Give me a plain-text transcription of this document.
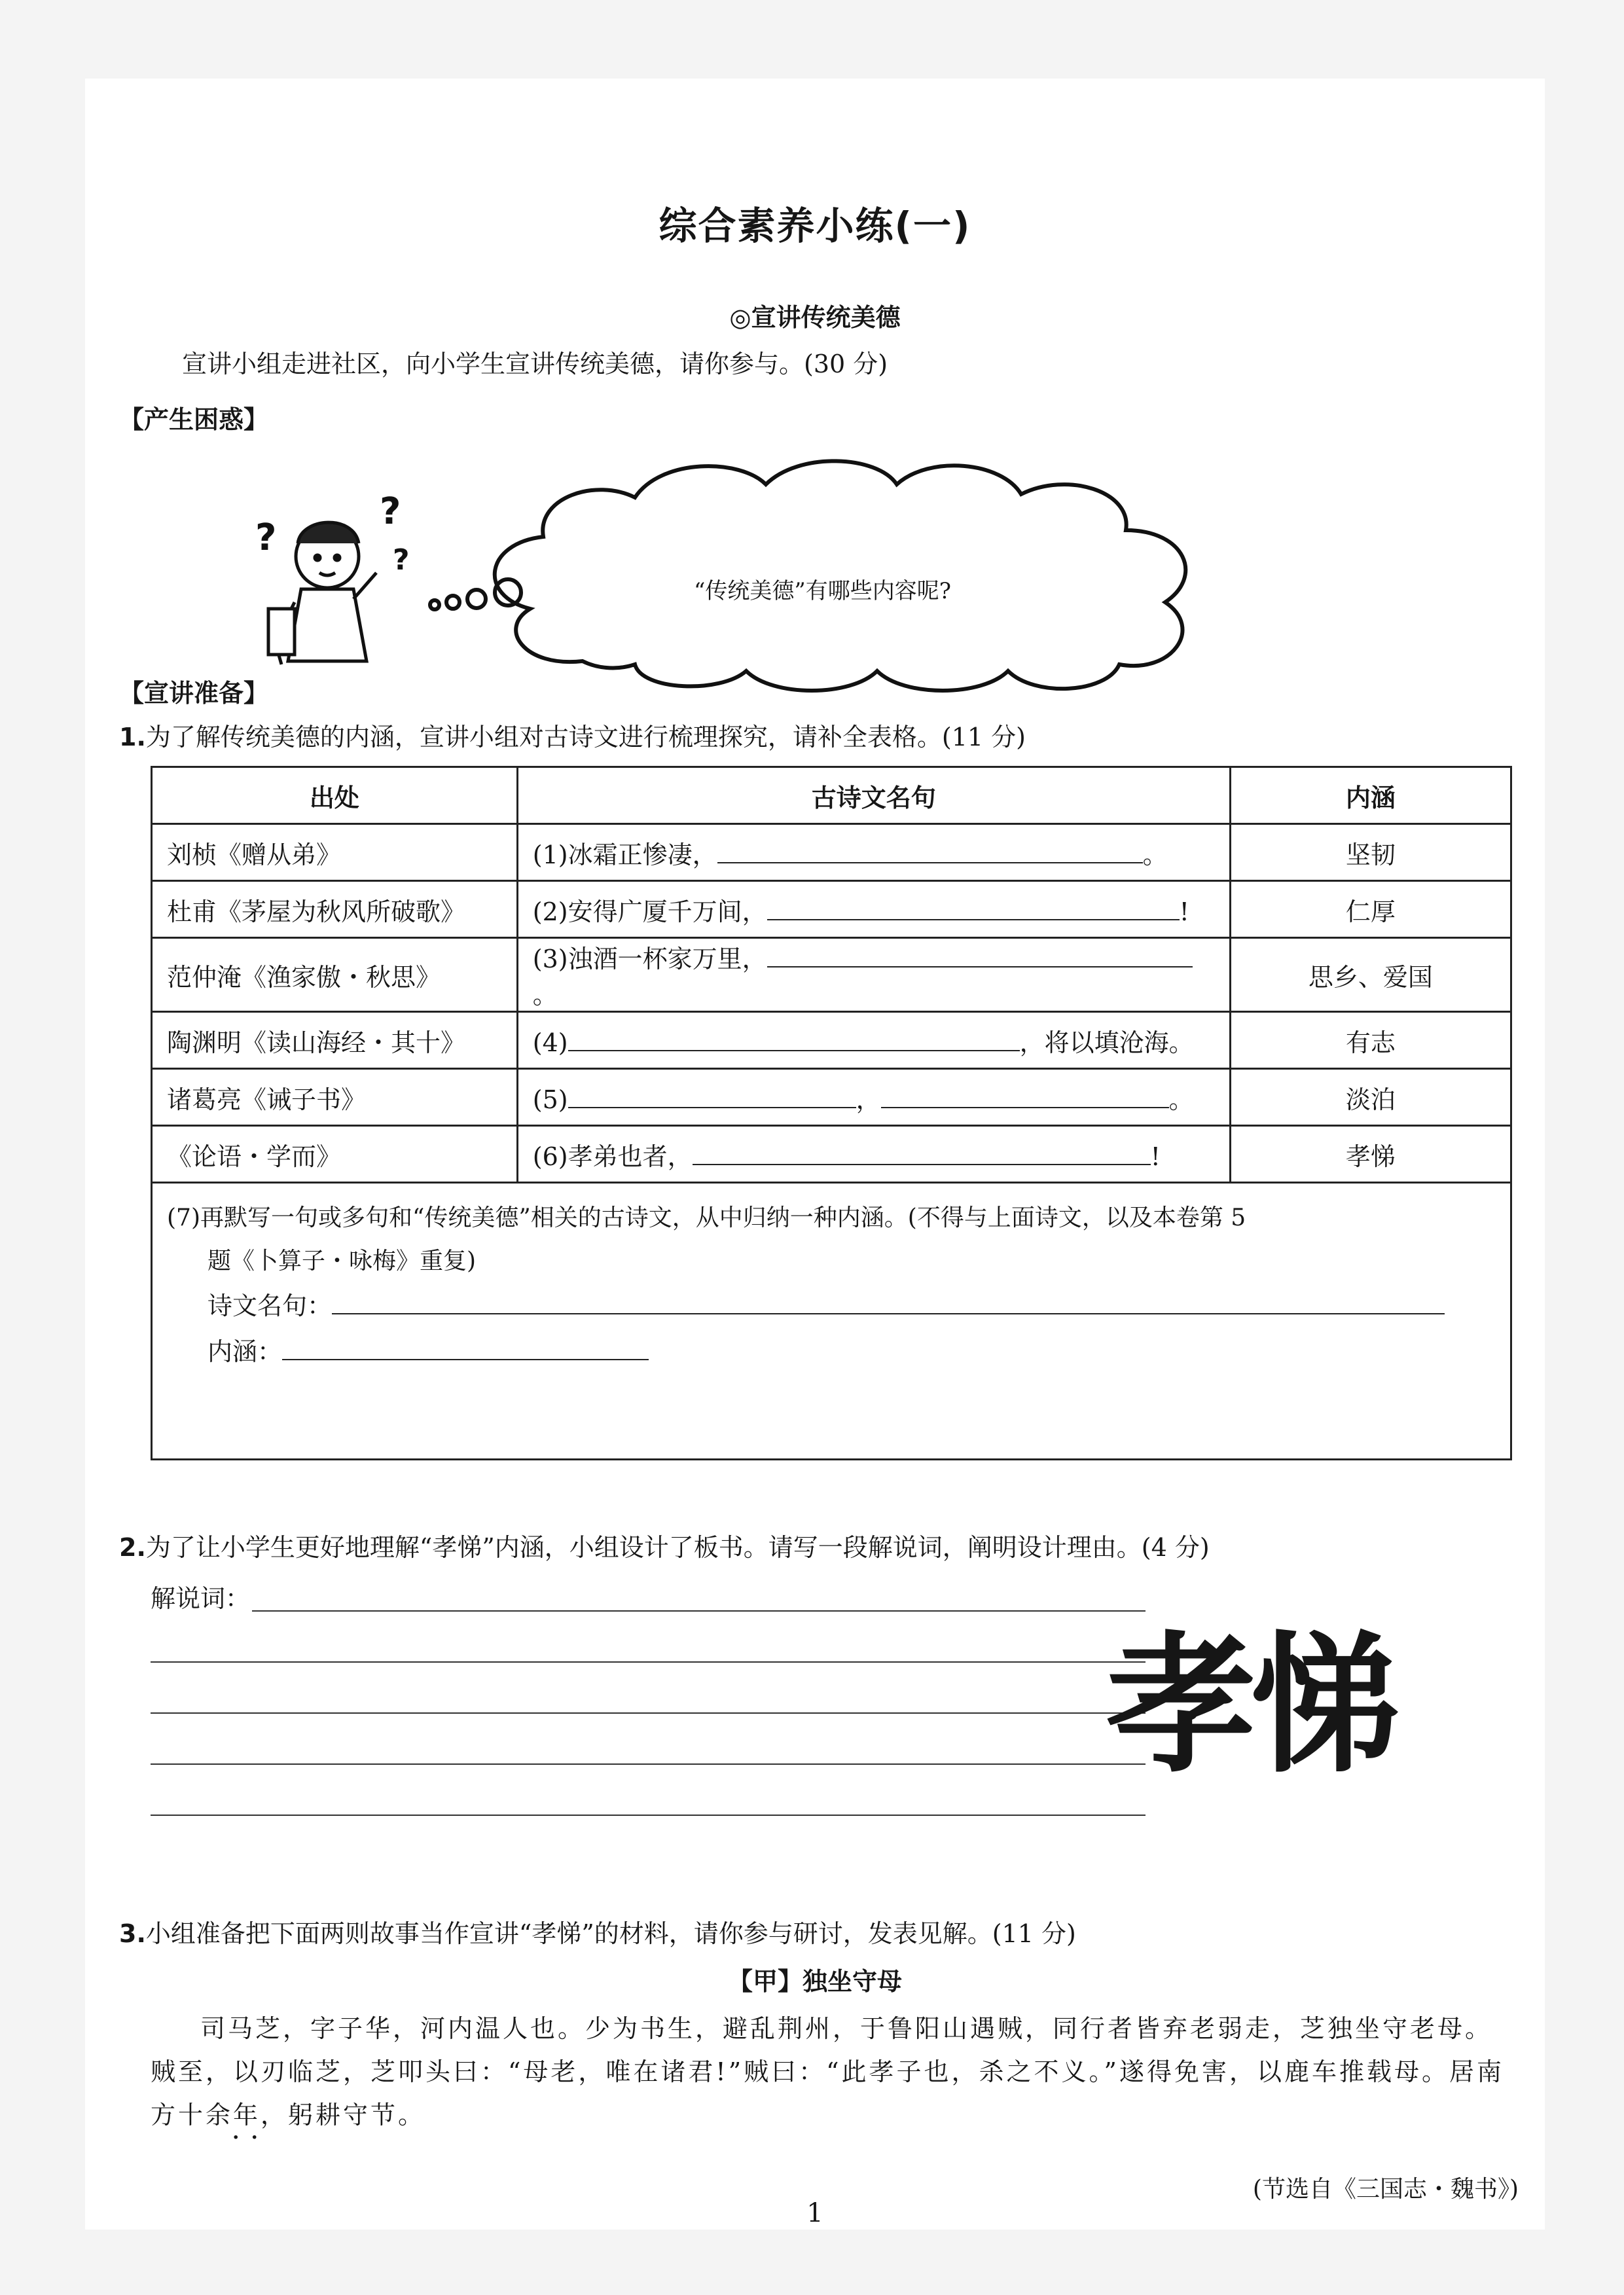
综合素养小练(一)
◎宣讲传统美德
宣讲小组走进社区，向小学生宣讲传统美德，请你参与。(30 分)
【产生困惑】
?
?
?
“传统美德”有哪些内容呢?
【宣讲准备】
1.为了解传统美德的内涵，宣讲小组对古诗文进行梳理探究，请补全表格。(11 分)
出处	古诗文名句	内涵
刘桢《赠从弟》	(1)冰霜正惨凄， 。	坚韧
杜甫《茅屋为秋风所破歌》	(2)安得广厦千万间， !	仁厚
范仲淹《渔家傲・秋思》	(3)浊酒一杯家万里，。	思乡、爱国
陶渊明《读山海经・其十》	(4) ，将以填沧海。	有志
诸葛亮《诫子书》	(5) ， 。	淡泊
《论语・学而》	(6)孝弟也者， !	孝悌

(7)再默写一句或多句和“传统美德”相关的古诗文，从中归纳一种内涵。(不得与上面诗文，以及本卷第 5
题《卜算子・咏梅》重复)
诗文名句：
内涵：		
2.为了让小学生更好地理解“孝悌”内涵，小组设计了板书。请写一段解说词，阐明设计理由。(4 分)
解说词：
孝悌
3.小组准备把下面两则故事当作宣讲“孝悌”的材料，请你参与研讨，发表见解。(11 分)
【甲】独坐守母
司马芝，字子华，河内温人也。少为书生，避乱荆州，于鲁阳山遇贼，同行者皆弃老弱走，芝独坐守老母。
贼至，以刃临芝，芝叩头曰：“母老，唯在诸君!”贼曰：“此孝子也，杀之不义。”遂得免害，以鹿车推载母。居南
方十余年，躬耕守节。
··
(节选自《三国志・魏书》)
1
